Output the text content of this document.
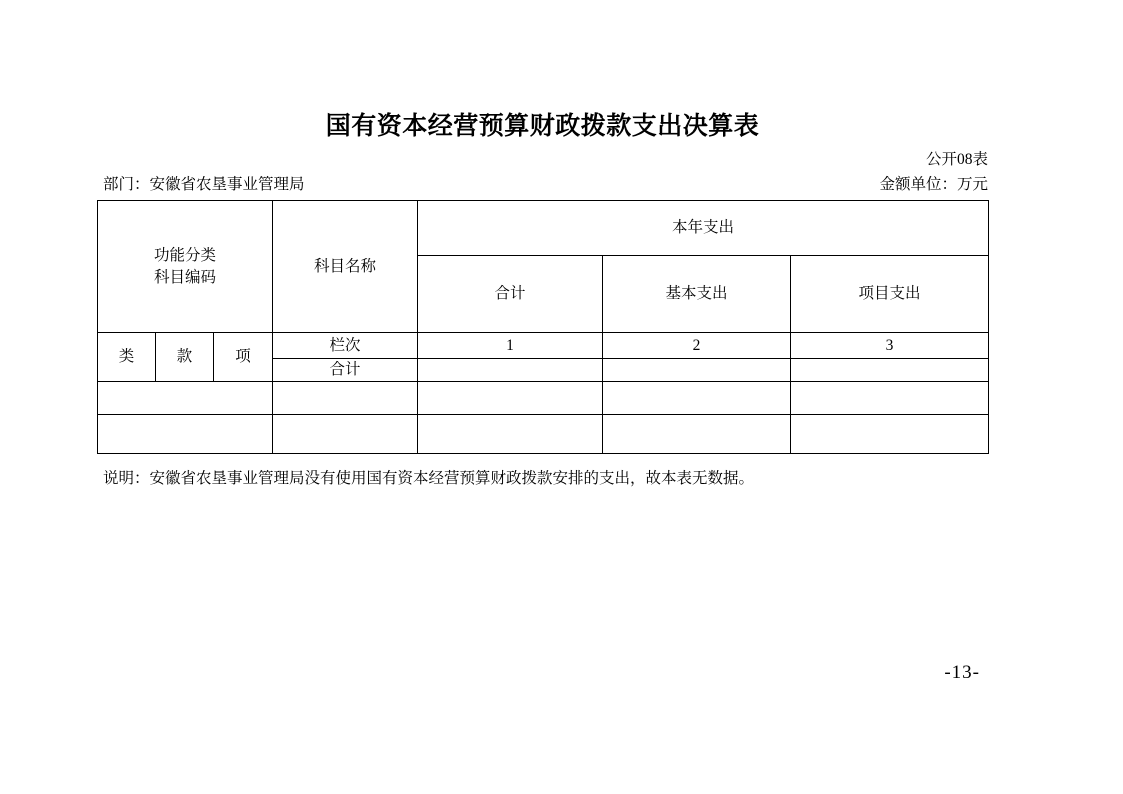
国有资本经营预算财政拨款支出决算表
公开08表
部门：安徽省农垦事业管理局	金额单位：万元
功能分类
科目编码			科目名称	本年支出		
				合计	基本支出	项目支出
类	款	项	栏次	1	2	3
			合计			

说明：安徽省农垦事业管理局没有使用国有资本经营预算财政拨款安排的支出，故本表无数据。
-13-
